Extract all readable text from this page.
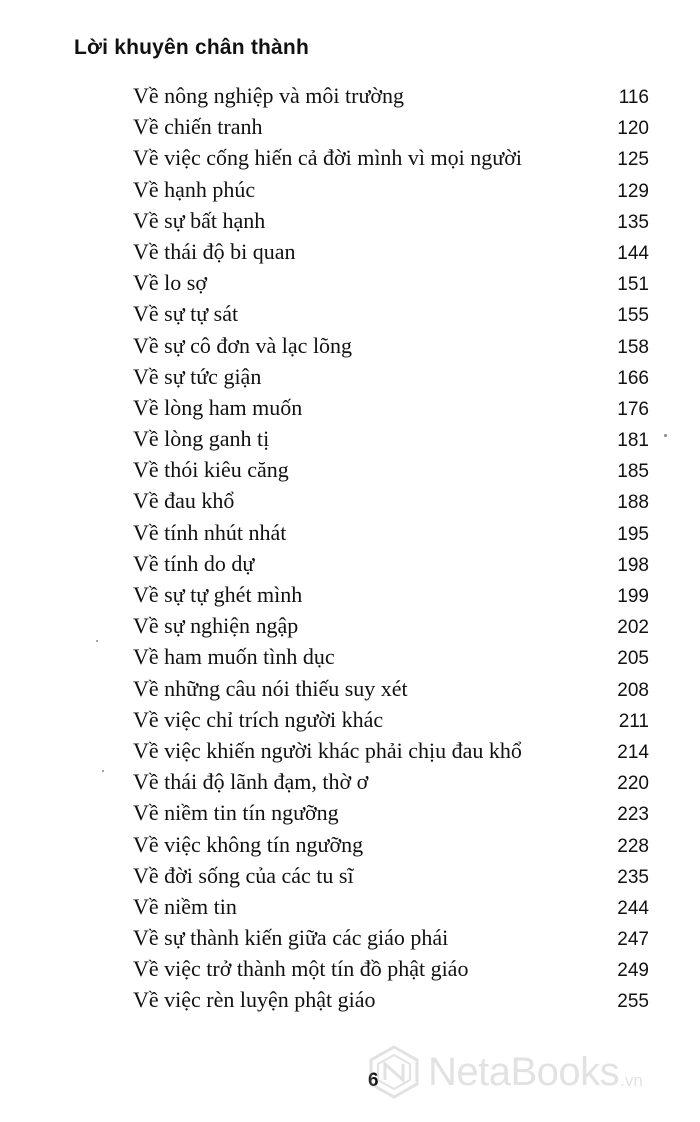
Lời khuyên chân thành
Về nông nghiệp và môi trường	116
Về chiến tranh	120
Về việc cống hiến cả đời mình vì mọi người	125
Về hạnh phúc	129
Về sự bất hạnh	135
Về thái độ bi quan	144
Về lo sợ	151
Về sự tự sát	155
Về sự cô đơn và lạc lõng	158
Về sự tức giận	166
Về lòng ham muốn	176
Về lòng ganh tị	181
Về thói kiêu căng	185
Về đau khổ	188
Về tính nhút nhát	195
Về tính do dự	198
Về sự tự ghét mình	199
Về sự nghiện ngập	202
Về ham muốn tình dục	205
Về những câu nói thiếu suy xét	208
Về việc chỉ trích người khác	211
Về việc khiến người khác phải chịu đau khổ	214
Về thái độ lãnh đạm, thờ ơ	220
Về niềm tin tín ngưỡng	223
Về việc không tín ngưỡng	228
Về đời sống của các tu sĩ	235
Về niềm tin	244
Về sự thành kiến giữa các giáo phái	247
Về việc trở thành một tín đồ phật giáo	249
Về việc rèn luyện phật giáo	255
6 NetaBooks .vn
